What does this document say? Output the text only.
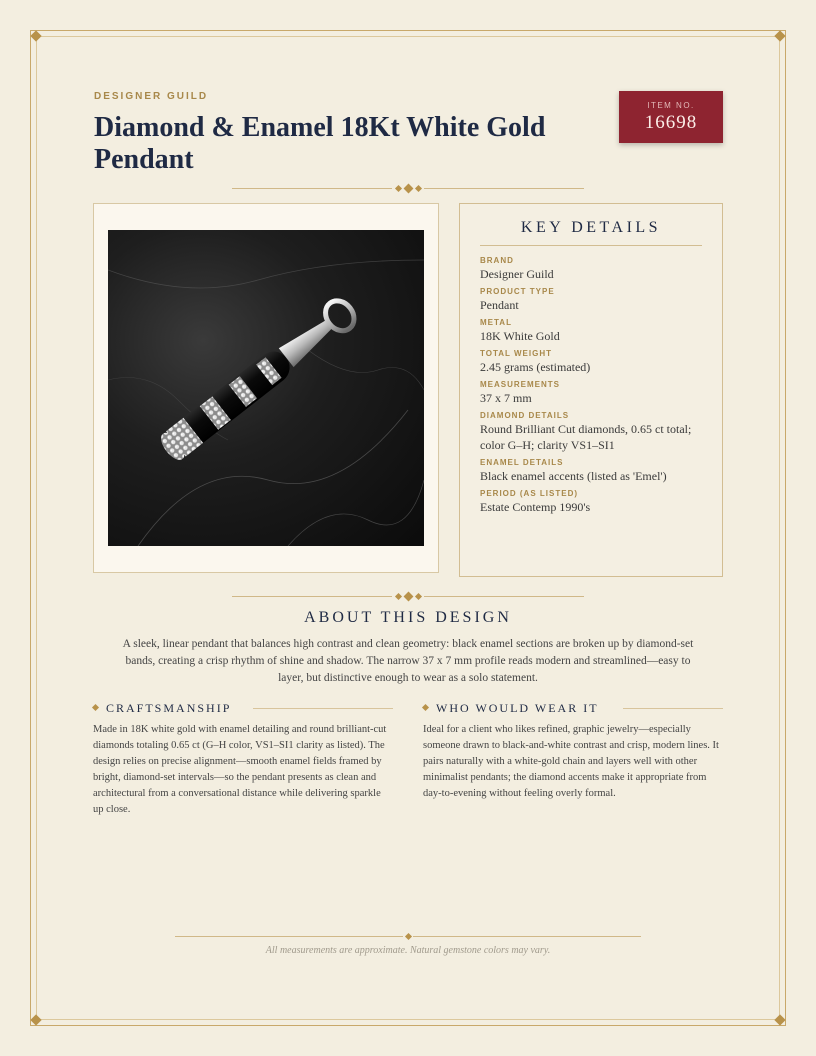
DESIGNER GUILD
Diamond & Enamel 18Kt White Gold Pendant
ITEM NO.
16698
KEY DETAILS
BRAND
Designer Guild
PRODUCT TYPE
Pendant
METAL
18K White Gold
TOTAL WEIGHT
2.45 grams (estimated)
MEASUREMENTS
37 x 7 mm
DIAMOND DETAILS
Round Brilliant Cut diamonds, 0.65 ct total; color G–H; clarity VS1–SI1
ENAMEL DETAILS
Black enamel accents (listed as 'Emel')
PERIOD (AS LISTED)
Estate Contemp 1990's
ABOUT THIS DESIGN

A sleek, linear pendant that balances high contrast and clean geometry: black enamel sections are broken up by diamond-set bands, creating a crisp rhythm of shine and shadow. The narrow 37 x 7 mm profile reads modern and streamlined—easy to layer, but distinctive enough to wear as a solo statement.

CRAFTSMANSHIP

Made in 18K white gold with enamel detailing and round brilliant-cut diamonds totaling 0.65 ct (G–H color, VS1–SI1 clarity as listed). The design relies on precise alignment—smooth enamel fields framed by bright, diamond-set intervals—so the pendant presents as clean and architectural from a conversational distance while delivering sparkle up close.

WHO WOULD WEAR IT

Ideal for a client who likes refined, graphic jewelry—especially someone drawn to black-and-white contrast and crisp, modern lines. It pairs naturally with a white-gold chain and layers well with other minimalist pendants; the diamond accents make it appropriate from day-to-evening without feeling overly formal.

All measurements are approximate. Natural gemstone colors may vary.
